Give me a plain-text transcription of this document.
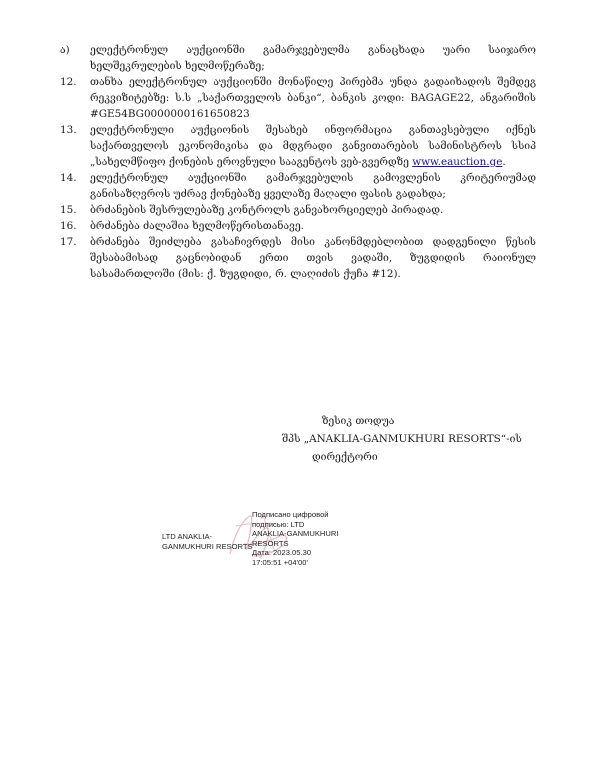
ა)	ელექტრონულ აუქციონში გამარჯვებულმა განაცხადა უარი საიჯარო ხელშეკრულების ხელმოწერაზე;
12.	თანხა ელექტრონულ აუქციონში მონაწილე პირებმა უნდა გადაიხადოს შემდეგ რეკვიზიტებზე: ს.ს „საქართველოს ბანკი“, ბანკის კოდი: BAGAGE22, ანგარიშის #GE54BG0000000161650823
13.	ელექტრონული აუქციონის შესახებ ინფორმაცია განთავსებული იქნეს საქართველოს ეკონომიკისა და მდგრადი განვითარების სამინისტროს სსიპ „სახელმწიფო ქონების ეროვნული სააგენტოს ვებ-გვერდზე www.eauction.ge.
14.	ელექტრონულ აუქციონში გამარჯვებულის გამოვლენის კრიტერიუმად განისაზღვროს უძრავ ქონებაზე ყველაზე მაღალი ფასის გადახდა;
15.	ბრძანების შესრულებაზე კონტროლს განვახორციელებ პირადად.
16.	ბრძანება ძალაშია ხელმოწერისთანავე.
17.	ბრძანება შეიძლება გასაჩივრდეს მისი კანონმდებლობით დადგენილი წესის შესაბამისად გაცნობიდან ერთი თვის ვადაში, ზუგდიდის რაიონულ სასამართლოში (მის: ქ. ზუგდიდი, რ. ლაღიძის ქუჩა #12).
ზესიკ თოდუა
შპს „ANAKLIA-GANMUKHURI RESORTS“-ის
დირექტორი
LTD ANAKLIA-
GANMUKHURI RESORTS
Подписано цифровой
подписью: LTD
ANAKLIA-GANMUKHURI
RESORTS
Дата: 2023.05.30
17:05:51 +04'00'
